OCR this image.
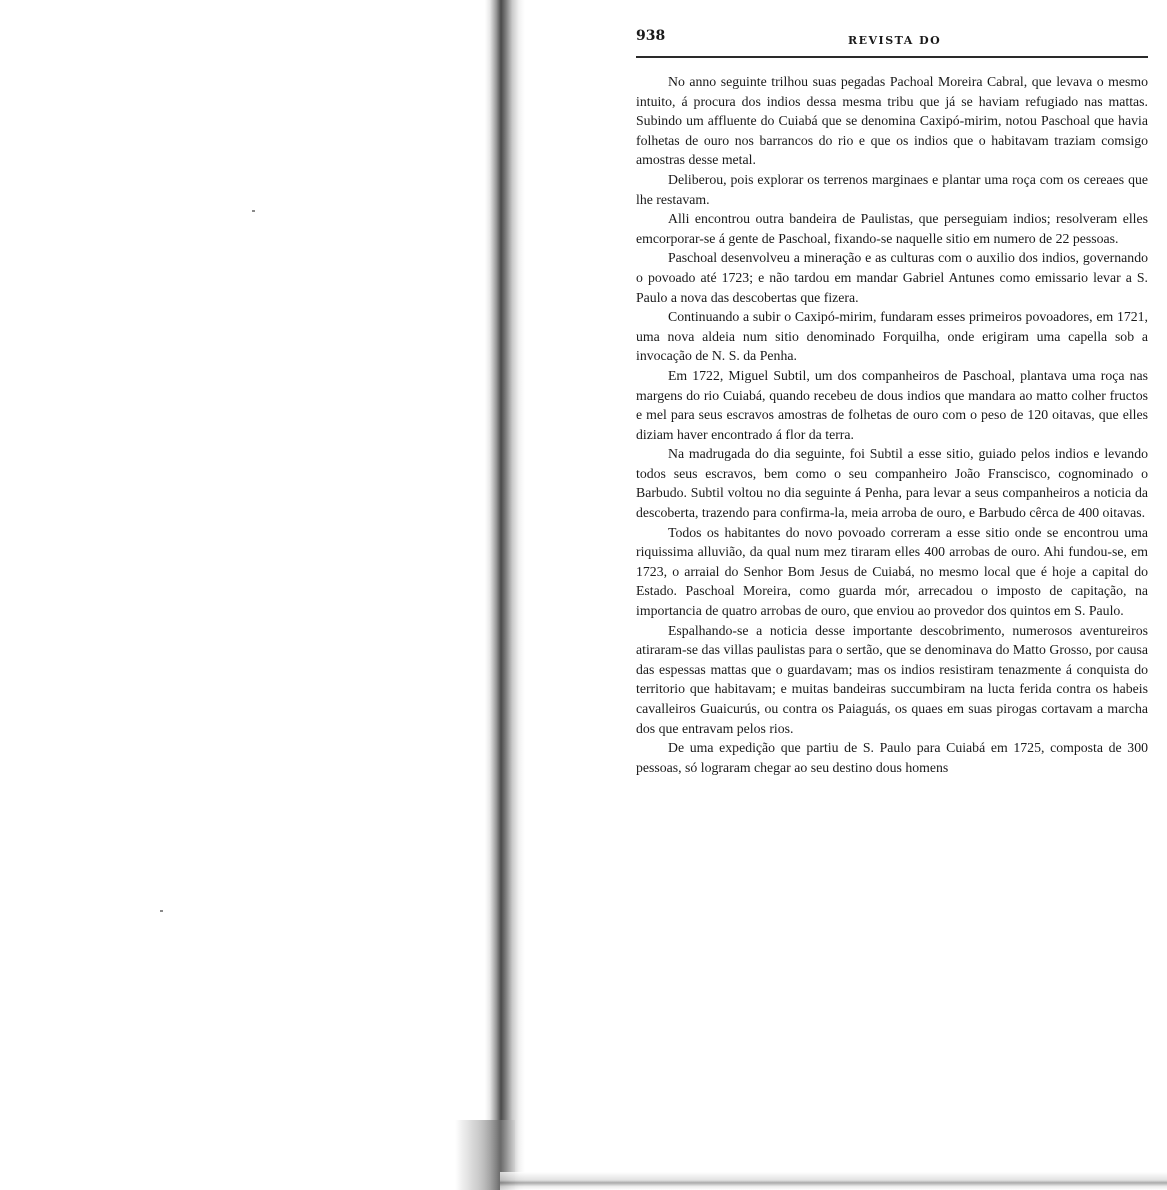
938	REVISTA DO

No anno seguinte trilhou suas pegadas Pachoal Moreira Cabral, que levava o mesmo intuito, á procura dos indios dessa mesma tribu que já se haviam refugiado nas mattas. Subindo um affluente do Cuiabá que se denomina Caxipó-mirim, notou Paschoal que havia folhetas de ouro nos barrancos do rio e que os indios que o habitavam traziam comsigo amostras desse metal.

Deliberou, pois explorar os terrenos marginaes e plantar uma roça com os cereaes que lhe restavam.

Alli encontrou outra bandeira de Paulistas, que perseguiam indios; resolveram elles emcorporar-se á gente de Paschoal, fixando-se naquelle sitio em numero de 22 pessoas.

Paschoal desenvolveu a mineração e as culturas com o auxilio dos indios, governando o povoado até 1723; e não tardou em mandar Gabriel Antunes como emissario levar a S. Paulo a nova das descobertas que fizera.

Continuando a subir o Caxipó-mirim, fundaram esses primeiros povoadores, em 1721, uma nova aldeia num sitio denominado Forquilha, onde erigiram uma capella sob a invocação de N. S. da Penha.

Em 1722, Miguel Subtil, um dos companheiros de Paschoal, plantava uma roça nas margens do rio Cuiabá, quando recebeu de dous indios que mandara ao matto colher fructos e mel para seus escravos amostras de folhetas de ouro com o peso de 120 oitavas, que elles diziam haver encontrado á flor da terra.

Na madrugada do dia seguinte, foi Subtil a esse sitio, guiado pelos indios e levando todos seus escravos, bem como o seu companheiro João Franscisco, cognominado o Barbudo. Subtil voltou no dia seguinte á Penha, para levar a seus companheiros a noticia da descoberta, trazendo para confirma-la, meia arroba de ouro, e Barbudo cêrca de 400 oitavas.

Todos os habitantes do novo povoado correram a esse sitio onde se encontrou uma riquissima alluvião, da qual num mez tiraram elles 400 arrobas de ouro. Ahi fundou-se, em 1723, o arraial do Senhor Bom Jesus de Cuiabá, no mesmo local que é hoje a capital do Estado. Paschoal Moreira, como guarda mór, arrecadou o imposto de capitação, na importancia de quatro arrobas de ouro, que enviou ao provedor dos quintos em S. Paulo.

Espalhando-se a noticia desse importante descobrimento, numerosos aventureiros atiraram-se das villas paulistas para o sertão, que se denominava do Matto Grosso, por causa das espessas mattas que o guardavam; mas os indios resistiram tenazmente á conquista do territorio que habitavam; e muitas bandeiras succumbiram na lucta ferida contra os habeis cavalleiros Guaicurús, ou contra os Paiaguás, os quaes em suas pirogas cortavam a marcha dos que entravam pelos rios.

De uma expedição que partiu de S. Paulo para Cuiabá em 1725, composta de 300 pessoas, só lograram chegar ao seu destino dous homens
